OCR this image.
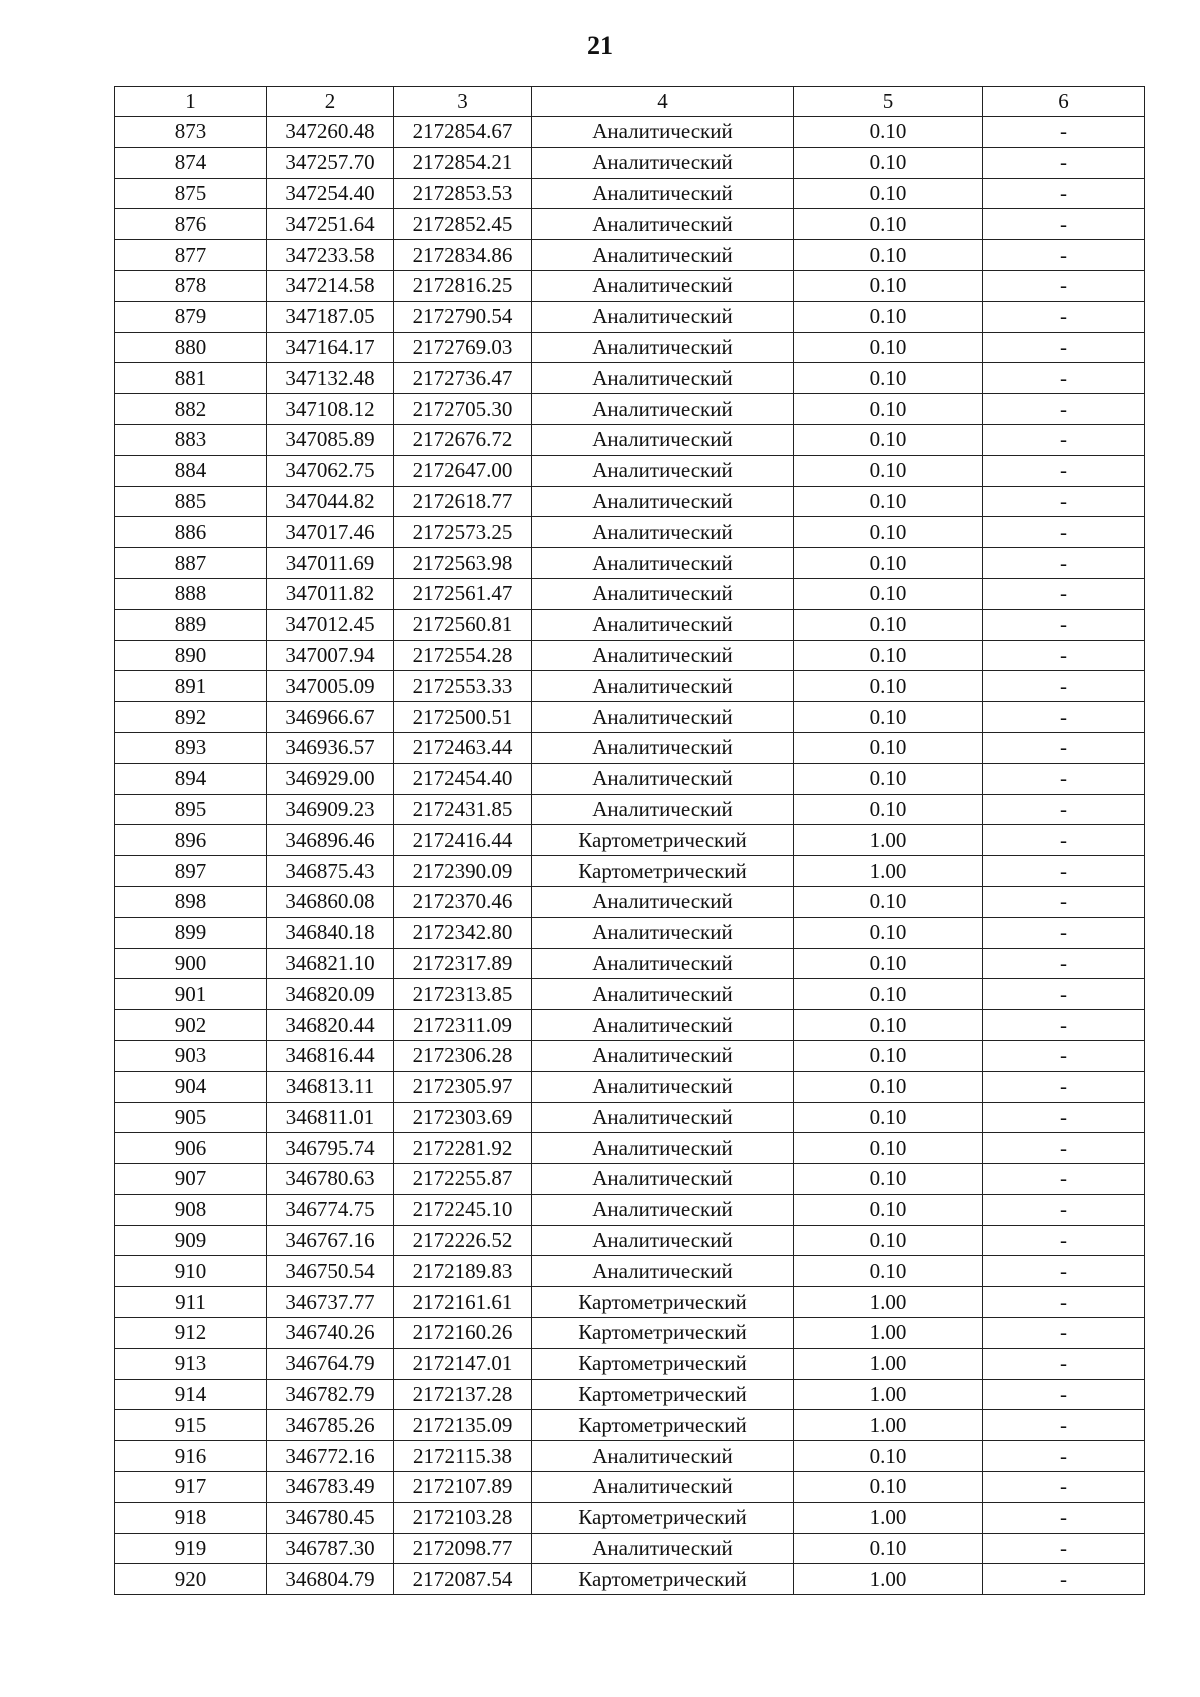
21
1	2	3	4	5	6
873	347260.48	2172854.67	Аналитический	0.10	-
874	347257.70	2172854.21	Аналитический	0.10	-
875	347254.40	2172853.53	Аналитический	0.10	-
876	347251.64	2172852.45	Аналитический	0.10	-
877	347233.58	2172834.86	Аналитический	0.10	-
878	347214.58	2172816.25	Аналитический	0.10	-
879	347187.05	2172790.54	Аналитический	0.10	-
880	347164.17	2172769.03	Аналитический	0.10	-
881	347132.48	2172736.47	Аналитический	0.10	-
882	347108.12	2172705.30	Аналитический	0.10	-
883	347085.89	2172676.72	Аналитический	0.10	-
884	347062.75	2172647.00	Аналитический	0.10	-
885	347044.82	2172618.77	Аналитический	0.10	-
886	347017.46	2172573.25	Аналитический	0.10	-
887	347011.69	2172563.98	Аналитический	0.10	-
888	347011.82	2172561.47	Аналитический	0.10	-
889	347012.45	2172560.81	Аналитический	0.10	-
890	347007.94	2172554.28	Аналитический	0.10	-
891	347005.09	2172553.33	Аналитический	0.10	-
892	346966.67	2172500.51	Аналитический	0.10	-
893	346936.57	2172463.44	Аналитический	0.10	-
894	346929.00	2172454.40	Аналитический	0.10	-
895	346909.23	2172431.85	Аналитический	0.10	-
896	346896.46	2172416.44	Картометрический	1.00	-
897	346875.43	2172390.09	Картометрический	1.00	-
898	346860.08	2172370.46	Аналитический	0.10	-
899	346840.18	2172342.80	Аналитический	0.10	-
900	346821.10	2172317.89	Аналитический	0.10	-
901	346820.09	2172313.85	Аналитический	0.10	-
902	346820.44	2172311.09	Аналитический	0.10	-
903	346816.44	2172306.28	Аналитический	0.10	-
904	346813.11	2172305.97	Аналитический	0.10	-
905	346811.01	2172303.69	Аналитический	0.10	-
906	346795.74	2172281.92	Аналитический	0.10	-
907	346780.63	2172255.87	Аналитический	0.10	-
908	346774.75	2172245.10	Аналитический	0.10	-
909	346767.16	2172226.52	Аналитический	0.10	-
910	346750.54	2172189.83	Аналитический	0.10	-
911	346737.77	2172161.61	Картометрический	1.00	-
912	346740.26	2172160.26	Картометрический	1.00	-
913	346764.79	2172147.01	Картометрический	1.00	-
914	346782.79	2172137.28	Картометрический	1.00	-
915	346785.26	2172135.09	Картометрический	1.00	-
916	346772.16	2172115.38	Аналитический	0.10	-
917	346783.49	2172107.89	Аналитический	0.10	-
918	346780.45	2172103.28	Картометрический	1.00	-
919	346787.30	2172098.77	Аналитический	0.10	-
920	346804.79	2172087.54	Картометрический	1.00	-
